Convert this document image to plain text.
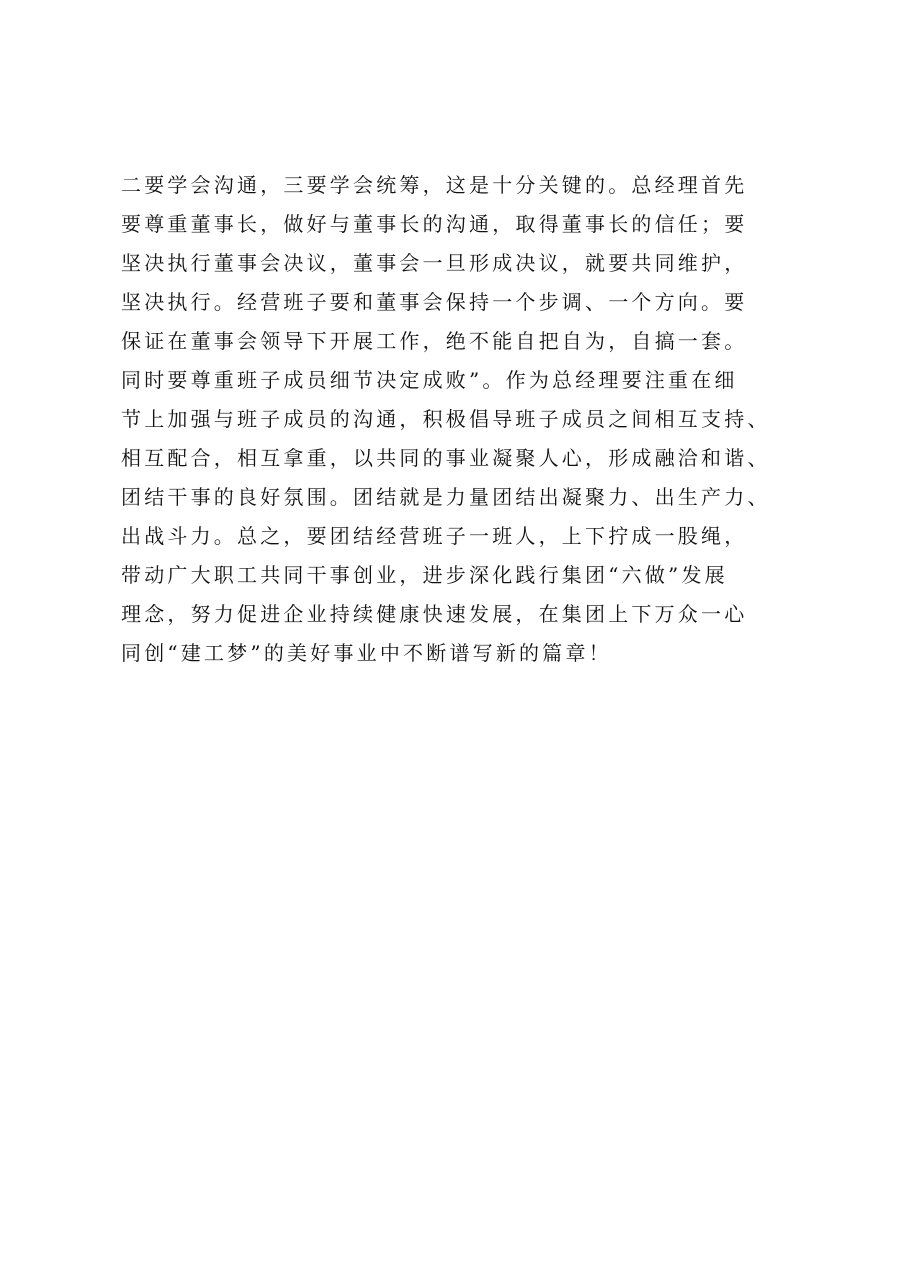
二要学会沟通，三要学会统筹，这是十分关键的。总经理首先
要尊重董事长，做好与董事长的沟通，取得董事长的信任；要
坚决执行董事会决议，董事会一旦形成决议，就要共同维护，
坚决执行。经营班子要和董事会保持一个步调、一个方向。要
保证在董事会领导下开展工作，绝不能自把自为，自搞一套。
同时要尊重班子成员细节决定成败”。作为总经理要注重在细
节上加强与班子成员的沟通，积极倡导班子成员之间相互支持、
相互配合，相互拿重，以共同的事业凝聚人心，形成融洽和谐、
团结干事的良好氛围。团结就是力量团结出凝聚力、出生产力、
出战斗力。总之，要团结经营班子一班人，上下拧成一股绳，
带动广大职工共同干事创业，进步深化践行集团“六做”发展
理念，努力促进企业持续健康快速发展，在集团上下万众一心
同创“建工梦”的美好事业中不断谱写新的篇章！
